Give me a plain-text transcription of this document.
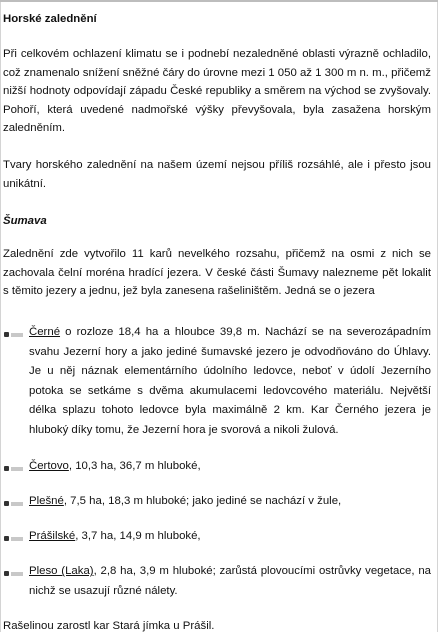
Horské zalednění

Při celkovém ochlazení klimatu se i podnebí nezaledněné oblasti výrazně ochladilo, což znamenalo snížení sněžné čáry do úrovne mezi 1 050 až 1 300 m n. m., přičemž nižší hodnoty odpovídají západu České republiky a směrem na východ se zvyšovaly. Pohoří, která uvedené nadmořské výšky převyšovala, byla zasažena horským zaledněním.

Tvary horského zalednění na našem území nejsou příliš rozsáhlé, ale i přesto jsou unikátní.

Šumava

Zalednění zde vytvořilo 11 karů nevelkého rozsahu, přičemž na osmi z nich se zachovala čelní moréna hradící jezera. V české části Šumavy nalezneme pět lokalit s těmito jezery a jednu, jež byla zanesena rašeliništěm. Jedná se o jezera

Černé o rozloze 18,4 ha a hloubce 39,8 m. Nachází se na severozápadním svahu Jezerní hory a jako jediné šumavské jezero je odvodňováno do Úhlavy. Je u něj náznak elementárního údolního ledovce, neboť v údolí Jezerního potoka se setkáme s dvěma akumulacemi ledovcového materiálu. Největší délka splazu tohoto ledovce byla maximálně 2 km. Kar Černého jezera je hluboký díky tomu, že Jezerní hora je svorová a nikoli žulová.
Čertovo, 10,3 ha, 36,7 m hluboké,
Plešné, 7,5 ha, 18,3 m hluboké; jako jediné se nachází v žule,
Prášilské, 3,7 ha, 14,9 m hluboké,
Pleso (Laka), 2,8 ha, 3,9 m hluboké; zarůstá plovoucími ostrůvky vegetace, na nichž se usazují různé nálety.

Rašelinou zarostl kar Stará jímka u Prášil.
